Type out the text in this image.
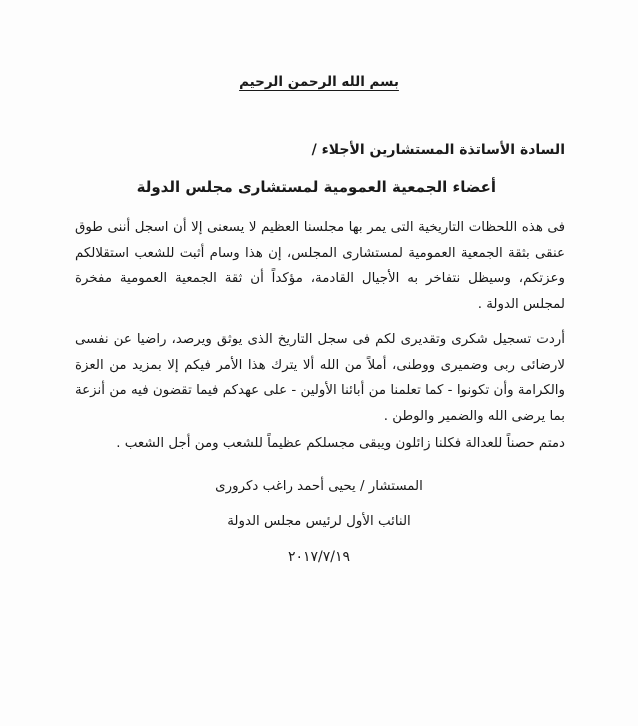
بسم الله الرحمن الرحيم
السادة الأساتذة المستشارين الأجلاء /
أعضاء الجمعية العمومية لمستشارى مجلس الدولة
فى هذه اللحظات التاريخية التى يمر بها مجلسنا العظيم لا يسعنى إلا أن اسجل أننى طوق عنقى بثقة الجمعية العمومية لمستشارى المجلس، إن هذا وسام أثبت للشعب استقلالكم وعزتكم، وسيظل نتفاخر به الأجيال القادمة، مؤكداً أن ثقة الجمعية العمومية مفخرة لمجلس الدولة .
أردت تسجيل شكرى وتقديرى لكم فى سجل التاريخ الذى يوثق ويرصد، راضيا عن نفسى لارضائى ربى وضميرى ووطنى، أملاً من الله ألا يترك هذا الأمر فيكم إلا بمزيد من العزة والكرامة وأن تكونوا - كما تعلمنا من أبائنا الأولين - على عهدكم فيما تقضون فيه من أنزعة بما يرضى الله والضمير والوطن .
دمتم حصناً للعدالة فكلنا زائلون ويبقى مجسلكم عظيماً للشعب ومن أجل الشعب .
المستشار / يحيى أحمد راغب دكرورى
النائب الأول لرئيس مجلس الدولة
٢٠١٧/٧/١٩
